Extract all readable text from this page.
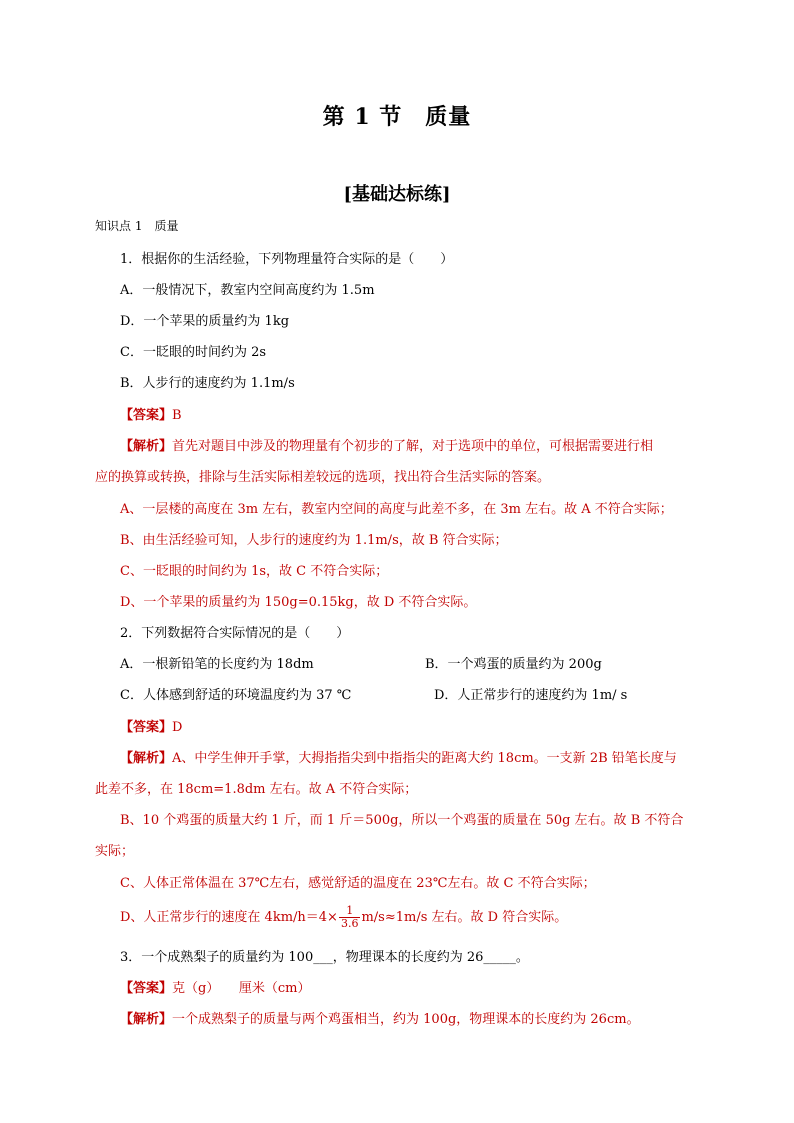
第 1 节　质量
[基础达标练]
知识点 1　质量
1．根据你的生活经验，下列物理量符合实际的是（　　）
A．一般情况下，教室内空间高度约为 1.5m
D．一个苹果的质量约为 1kg
C．一眨眼的时间约为 2s
B．人步行的速度约为 1.1m/s
【答案】B
【解析】首先对题目中涉及的物理量有个初步的了解，对于选项中的单位，可根据需要进行相
应的换算或转换，排除与生活实际相差较远的选项，找出符合生活实际的答案。
A、一层楼的高度在 3m 左右，教室内空间的高度与此差不多，在 3m 左右。故 A 不符合实际；
B、由生活经验可知，人步行的速度约为 1.1m/s，故 B 符合实际；
C、一眨眼的时间约为 1s，故 C 不符合实际；
D、一个苹果的质量约为 150g=0.15kg，故 D 不符合实际。
2．下列数据符合实际情况的是（　　）
A．一根新铅笔的长度约为 18dm	B．一个鸡蛋的质量约为 200g
C．人体感到舒适的环境温度约为 37 ℃	D．人正常步行的速度约为 1m/ s
【答案】D
【解析】A、中学生伸开手掌，大拇指指尖到中指指尖的距离大约 18cm。一支新 2B 铅笔长度与
此差不多，在 18cm=1.8dm 左右。故 A 不符合实际；
B、10 个鸡蛋的质量大约 1 斤，而 1 斤＝500g，所以一个鸡蛋的质量在 50g 左右。故 B 不符合
实际；
C、人体正常体温在 37℃左右，感觉舒适的温度在 23℃左右。故 C 不符合实际；
D、人正常步行的速度在 $4km/h=4\times \frac{1}{3.6} m/s\approx 1m/s$ 左右。故 D 符合实际。
3．一个成熟梨子的质量约为 100___，物理课本的长度约为 26_____。
【答案】克（g）　　厘米（cm）
【解析】一个成熟梨子的质量与两个鸡蛋相当，约为 100g，物理课本的长度约为 26cm。
